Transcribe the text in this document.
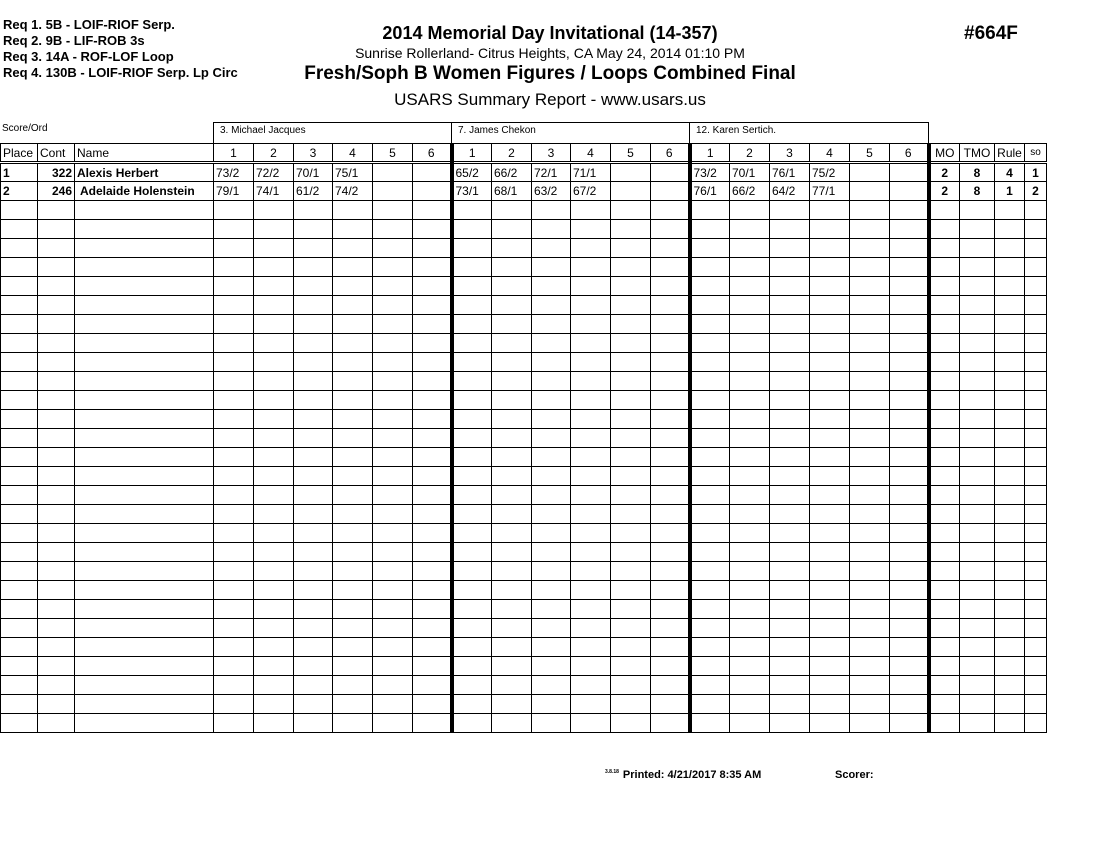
Req 1. 5B - LOIF-RIOF Serp.
Req 2. 9B - LIF-ROB 3s
Req 3. 14A - ROF-LOF Loop
Req 4. 130B - LOIF-RIOF Serp. Lp Circ
2014 Memorial Day Invitational (14-357)
Sunrise Rollerland- Citrus Heights, CA May 24, 2014 01:10 PM
Fresh/Soph B Women Figures / Loops Combined Final
USARS Summary Report - www.usars.us
#664F
Score/Ord	3. Michael Jacques	7. James Chekon	12. Karen Sertich.
Place	Cont	Name	1	2	3	4	5	6	1	2	3	4	5	6	1	2	3	4	5	6	MO	TMO	Rule	so
1	322	Alexis Herbert	73/2	72/2	70/1	75/1			65/2	66/2	72/1	71/1			73/2	70/1	76/1	75/2			2	8	4	1
2	246	Adelaide Holenstein	79/1	74/1	61/2	74/2			73/1	68/1	63/2	67/2			76/1	66/2	64/2	77/1			2	8	1	2

$^{3.8.18}$ Printed: 4/21/2017 8:35 AM	Scorer:
